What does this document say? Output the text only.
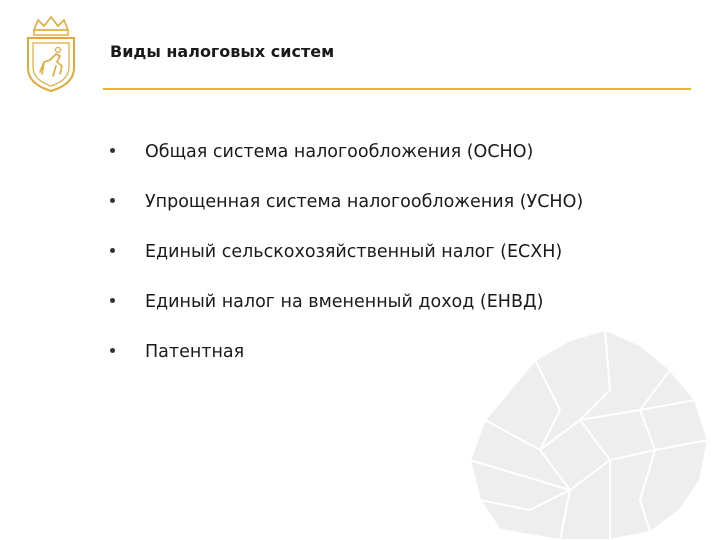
Виды налоговых систем
Общая система налогообложения (ОСНО)
Упрощенная система налогообложения (УСНО)
Единый сельскохозяйственный налог (ЕСХН)
Единый налог на вмененный доход (ЕНВД)
Патентная
